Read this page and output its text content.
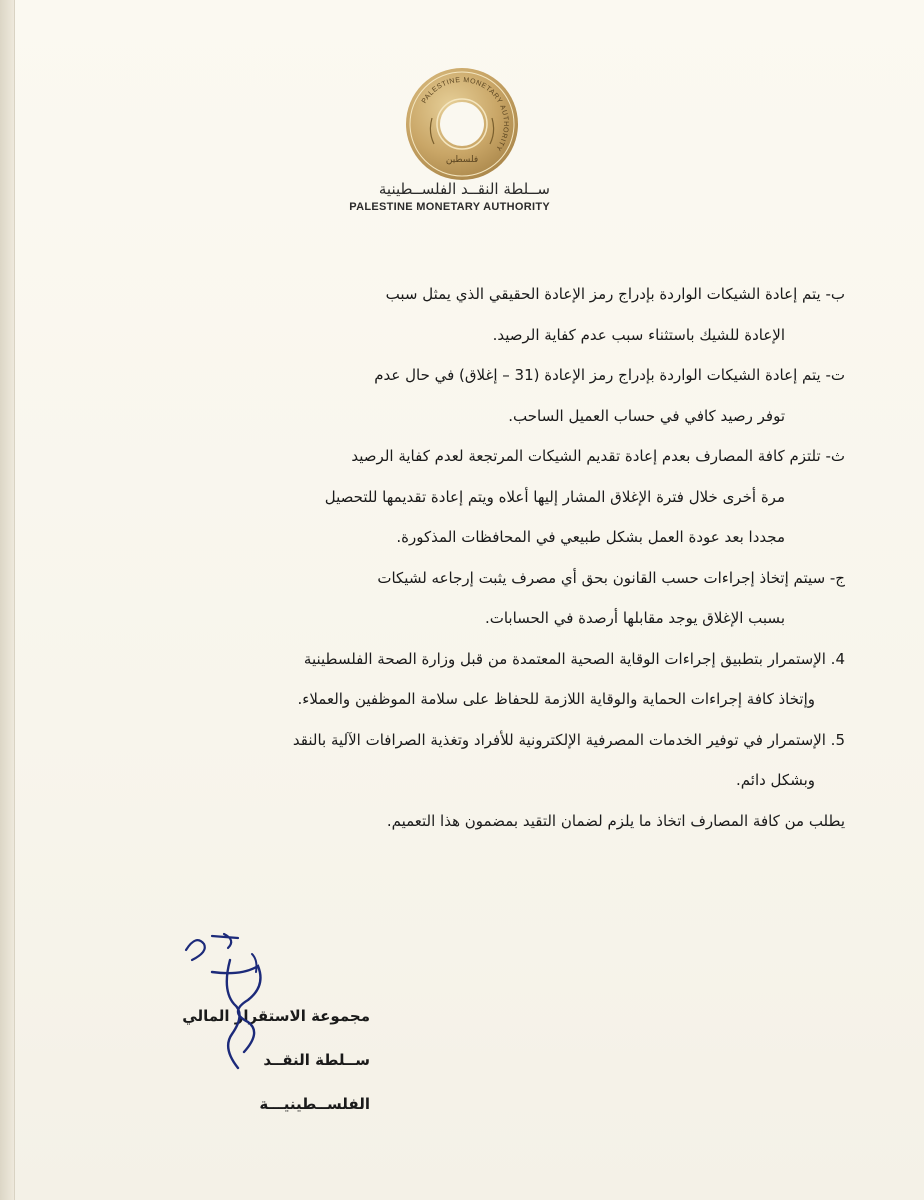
PALESTINE MONETARY AUTHORITY
فلسطين
ســلطة النقــد الفلســطينية
PALESTINE MONETARY AUTHORITY
ب- يتم إعادة الشيكات الواردة بإدراج رمز الإعادة الحقيقي الذي يمثل سبب
الإعادة للشيك باستثناء سبب عدم كفاية الرصيد.
ت- يتم إعادة الشيكات الواردة بإدراج رمز الإعادة (31 – إغلاق) في حال عدم
توفر رصيد كافي في حساب العميل الساحب.
ث- تلتزم كافة المصارف بعدم إعادة تقديم الشيكات المرتجعة لعدم كفاية الرصيد
مرة أخرى خلال فترة الإغلاق المشار إليها أعلاه ويتم إعادة تقديمها للتحصيل
مجددا بعد عودة العمل بشكل طبيعي في المحافظات المذكورة.
ج- سيتم إتخاذ إجراءات حسب القانون بحق أي مصرف يثبت إرجاعه لشيكات
بسبب الإغلاق يوجد مقابلها أرصدة في الحسابات.
4. الإستمرار بتطبيق إجراءات الوقاية الصحية المعتمدة من قبل وزارة الصحة الفلسطينية
وإتخاذ كافة إجراءات الحماية والوقاية اللازمة للحفاظ على سلامة الموظفين والعملاء.
5. الإستمرار في توفير الخدمات المصرفية الإلكترونية للأفراد وتغذية الصرافات الآلية بالنقد
وبشكل دائم.
يطلب من كافة المصارف اتخاذ ما يلزم لضمان التقيد بمضمون هذا التعميم.
مجموعة الاستقرار المالي
ســلطة النقــد الفلســطينيـــة
